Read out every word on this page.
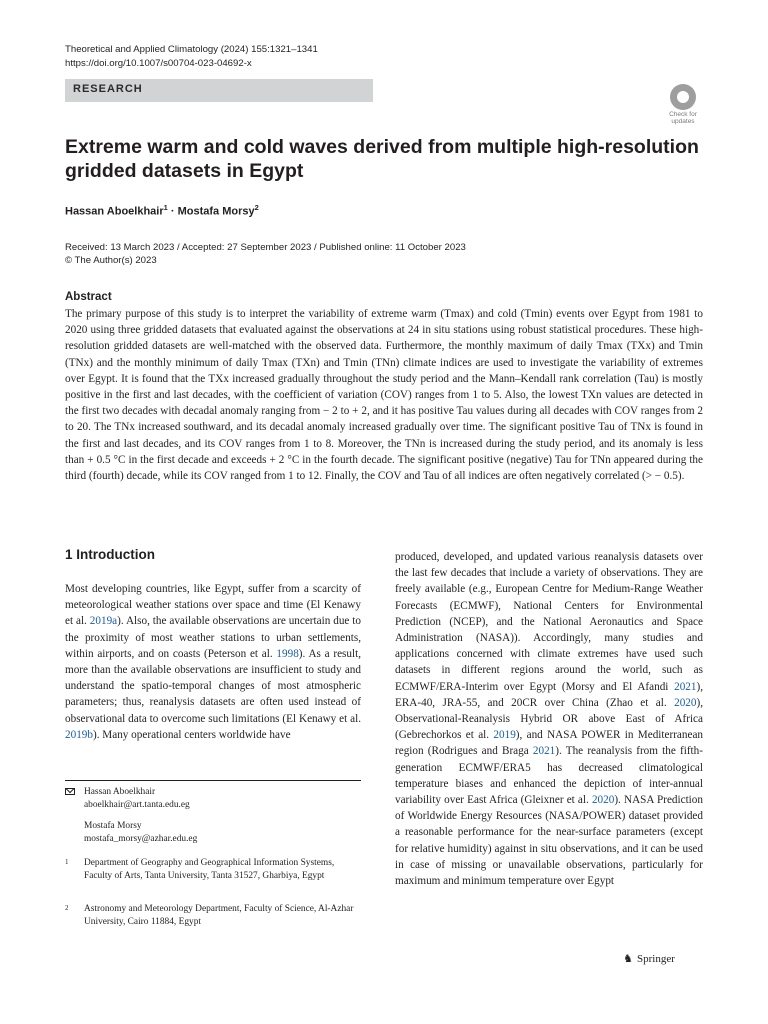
Theoretical and Applied Climatology (2024) 155:1321–1341
https://doi.org/10.1007/s00704-023-04692-x
RESEARCH
Check for updates
Extreme warm and cold waves derived from multiple high-resolution gridded datasets in Egypt
Hassan Aboelkhair$^1$ · Mostafa Morsy$^2$
Received: 13 March 2023 / Accepted: 27 September 2023 / Published online: 11 October 2023
© The Author(s) 2023
Abstract
The primary purpose of this study is to interpret the variability of extreme warm (Tmax) and cold (Tmin) events over Egypt from 1981 to 2020 using three gridded datasets that evaluated against the observations at 24 in situ stations using robust statistical procedures. These high-resolution gridded datasets are well-matched with the observed data. Furthermore, the monthly maximum of daily Tmax (TXx) and Tmin (TNx) and the monthly minimum of daily Tmax (TXn) and Tmin (TNn) climate indices are used to investigate the variability of extremes over Egypt. It is found that the TXx increased gradually throughout the study period and the Mann–Kendall rank correlation (Tau) is mostly positive in the first and last decades, with the coefficient of variation (COV) ranges from 1 to 5. Also, the lowest TXn values are detected in the first two decades with decadal anomaly ranging from − 2 to + 2, and it has positive Tau values during all decades with COV ranges from 2 to 20. The TNx increased southward, and its decadal anomaly increased gradually over time. The significant positive Tau of TNx is found in the first and last decades, and its COV ranges from 1 to 8. Moreover, the TNn is increased during the study period, and its anomaly is less than + 0.5 °C in the first decade and exceeds + 2 °C in the fourth decade. The significant positive (negative) Tau for TNn appeared during the third (fourth) decade, while its COV ranged from 1 to 12. Finally, the COV and Tau of all indices are often negatively correlated (> − 0.5).
1 Introduction
Most developing countries, like Egypt, suffer from a scarcity of meteorological weather stations over space and time (El Kenawy et al. 2019a). Also, the available observations are uncertain due to the proximity of most weather stations to urban settlements, within airports, and on coasts (Peterson et al. 1998). As a result, more than the available observations are insufficient to study and understand the spatio-temporal changes of most atmospheric parameters; thus, reanalysis datasets are often used instead of observational data to overcome such limitations (El Kenawy et al. 2019b). Many operational centers worldwide have
produced, developed, and updated various reanalysis datasets over the last few decades that include a variety of observations. They are freely available (e.g., European Centre for Medium-Range Weather Forecasts (ECMWF), National Centers for Environmental Prediction (NCEP), and the National Aeronautics and Space Administration (NASA)). Accordingly, many studies and applications concerned with climate extremes have used such datasets in different regions around the world, such as ECMWF/ERA-Interim over Egypt (Morsy and El Afandi 2021), ERA-40, JRA-55, and 20CR over China (Zhao et al. 2020), Observational-Reanalysis Hybrid OR above East of Africa (Gebrechorkos et al. 2019), and NASA POWER in Mediterranean region (Rodrigues and Braga 2021). The reanalysis from the fifth-generation ECMWF/ERA5 has decreased climatological temperature biases and enhanced the depiction of inter-annual variability over East Africa (Gleixner et al. 2020). NASA Prediction of Worldwide Energy Resources (NASA/POWER) dataset provided a reasonable performance for the near-surface parameters (except for relative humidity) against in situ observations, and it can be used in case of missing or unavailable observations, particularly for maximum and minimum temperature over Egypt
Hassan Aboelkhair
aboelkhair@art.tanta.edu.eg
Mostafa Morsy
mostafa_morsy@azhar.edu.eg
1 Department of Geography and Geographical Information Systems, Faculty of Arts, Tanta University, Tanta 31527, Gharbiya, Egypt
2 Astronomy and Meteorology Department, Faculty of Science, Al-Azhar University, Cairo 11884, Egypt
♞ Springer
